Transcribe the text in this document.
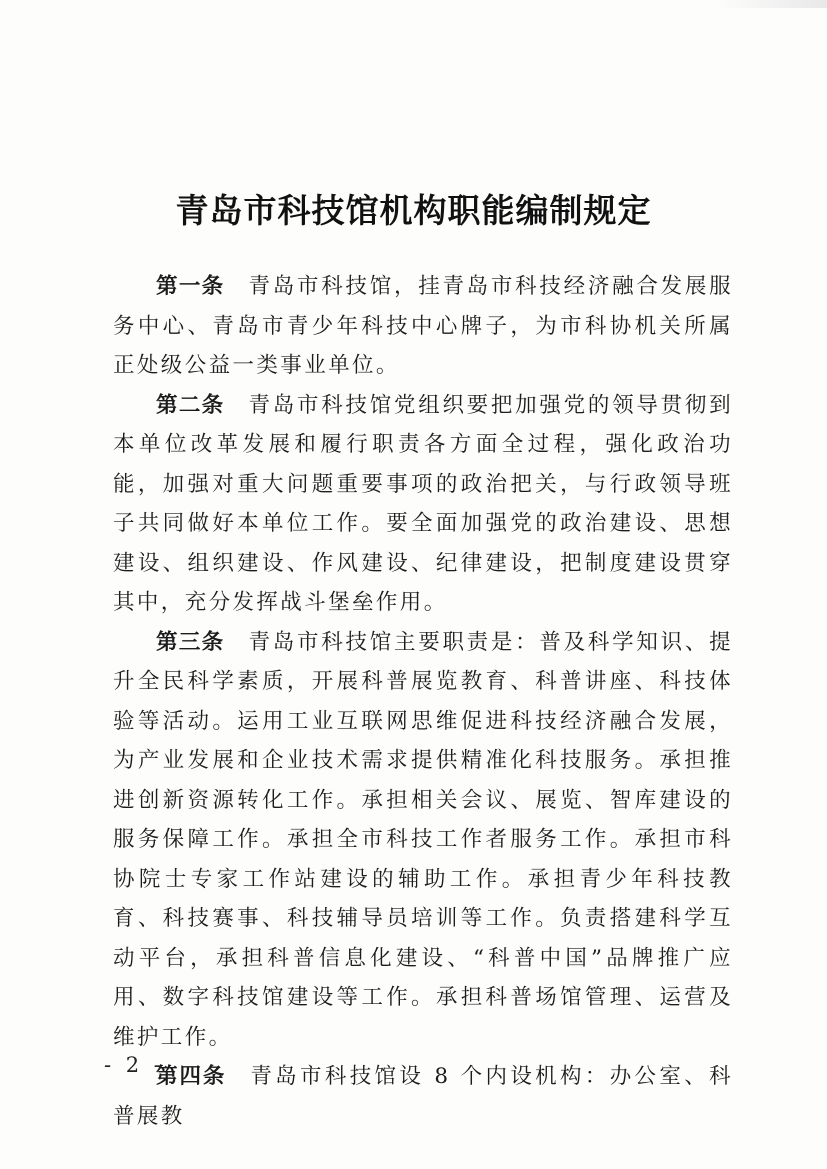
青岛市科技馆机构职能编制规定

第一条 青岛市科技馆，挂青岛市科技经济融合发展服务中心、青岛市青少年科技中心牌子，为市科协机关所属正处级公益一类事业单位。

第二条 青岛市科技馆党组织要把加强党的领导贯彻到本单位改革发展和履行职责各方面全过程，强化政治功能，加强对重大问题重要事项的政治把关，与行政领导班子共同做好本单位工作。要全面加强党的政治建设、思想建设、组织建设、作风建设、纪律建设，把制度建设贯穿其中，充分发挥战斗堡垒作用。

第三条 青岛市科技馆主要职责是：普及科学知识、提升全民科学素质，开展科普展览教育、科普讲座、科技体验等活动。运用工业互联网思维促进科技经济融合发展，为产业发展和企业技术需求提供精准化科技服务。承担推进创新资源转化工作。承担相关会议、展览、智库建设的服务保障工作。承担全市科技工作者服务工作。承担市科协院士专家工作站建设的辅助工作。承担青少年科技教育、科技赛事、科技辅导员培训等工作。负责搭建科学互动平台，承担科普信息化建设、“科普中国”品牌推广应用、数字科技馆建设等工作。承担科普场馆管理、运营及维护工作。

第四条 青岛市科技馆设 8 个内设机构：办公室、科普展教

- 2 -
